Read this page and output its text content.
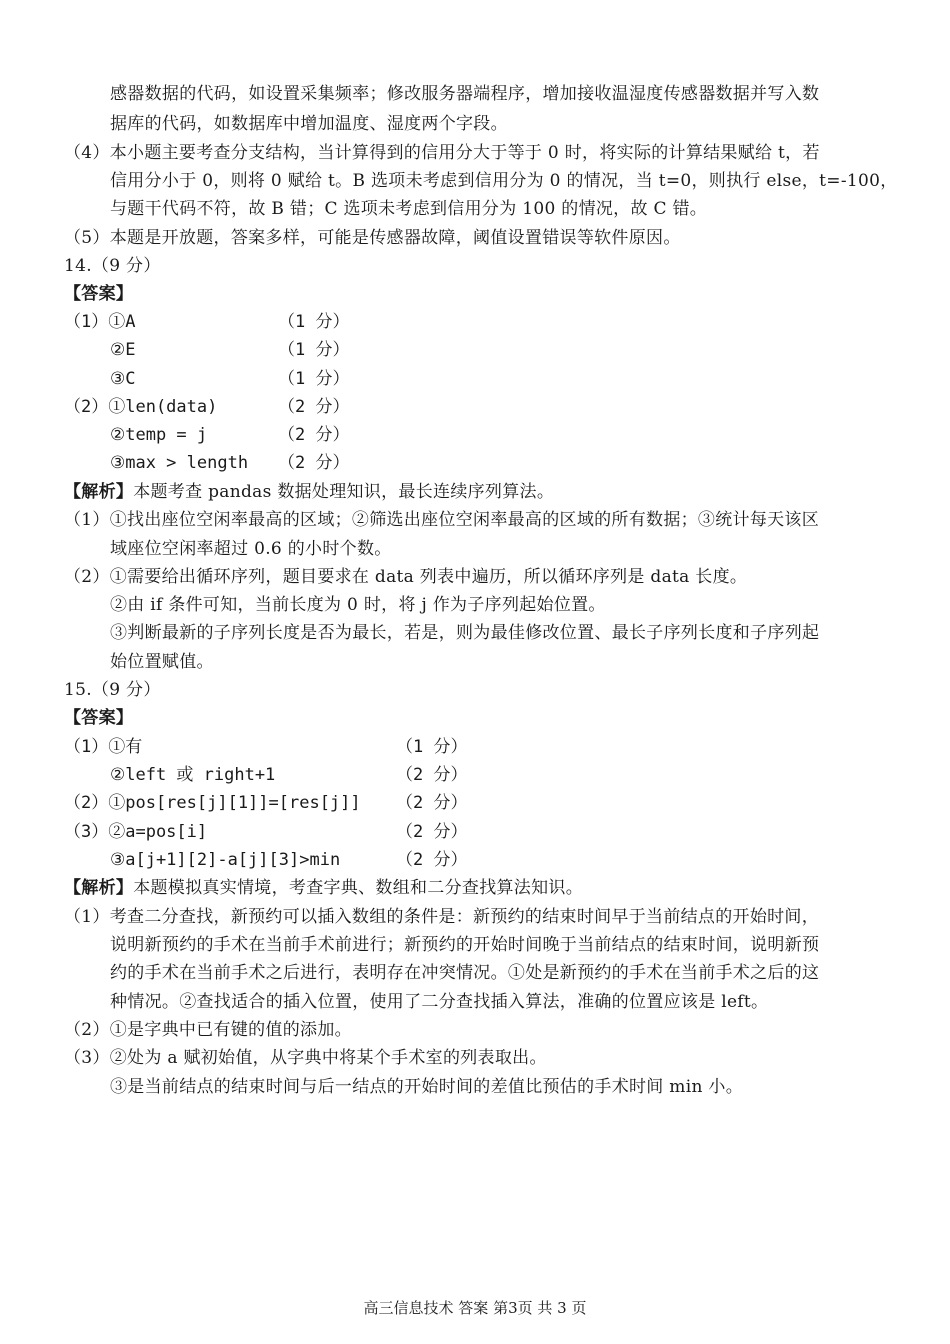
感器数据的代码，如设置采集频率；修改服务器端程序，增加接收温湿度传感器数据并写入数
据库的代码，如数据库中增加温度、湿度两个字段。
（4）本小题主要考查分支结构，当计算得到的信用分大于等于 0 时，将实际的计算结果赋给 t，若
信用分小于 0，则将 0 赋给 t。B 选项未考虑到信用分为 0 的情况，当 t=0，则执行 else，t=-100，
与题干代码不符，故 B 错；C 选项未考虑到信用分为 100 的情况，故 C 错。
（5）本题是开放题，答案多样，可能是传感器故障，阈值设置错误等软件原因。
14.（9 分）
【答案】
（1）①A	（1 分）
②E	（1 分）
③C	（1 分）
（2）①len(data)	（2 分）
②temp = j	（2 分）
③max > length （2 分）
【解析】本题考查 pandas 数据处理知识，最长连续序列算法。
（1）①找出座位空闲率最高的区域；②筛选出座位空闲率最高的区域的所有数据；③统计每天该区
域座位空闲率超过 0.6 的小时个数。
（2）①需要给出循环序列，题目要求在 data 列表中遍历，所以循环序列是 data 长度。
②由 if 条件可知，当前长度为 0 时，将 j 作为子序列起始位置。
③判断最新的子序列长度是否为最长，若是，则为最佳修改位置、最长子序列长度和子序列起
始位置赋值。
15.（9 分）
【答案】
（1）①有	（1 分）
②left 或 right+1	（2 分）
（2）①pos[res[j][1]]=[res[j]] （2 分）
（3）②a=pos[i]	（2 分）
③a[j+1][2]-a[j][3]>min	（2 分）
【解析】本题模拟真实情境，考查字典、数组和二分查找算法知识。
（1）考查二分查找，新预约可以插入数组的条件是：新预约的结束时间早于当前结点的开始时间，
说明新预约的手术在当前手术前进行；新预约的开始时间晚于当前结点的结束时间，说明新预
约的手术在当前手术之后进行，表明存在冲突情况。①处是新预约的手术在当前手术之后的这
种情况。②查找适合的插入位置，使用了二分查找插入算法，准确的位置应该是 left。
（2）①是字典中已有键的值的添加。
（3）②处为 a 赋初始值，从字典中将某个手术室的列表取出。
③是当前结点的结束时间与后一结点的开始时间的差值比预估的手术时间 min 小。
高三信息技术 答案 第3页 共 3 页
